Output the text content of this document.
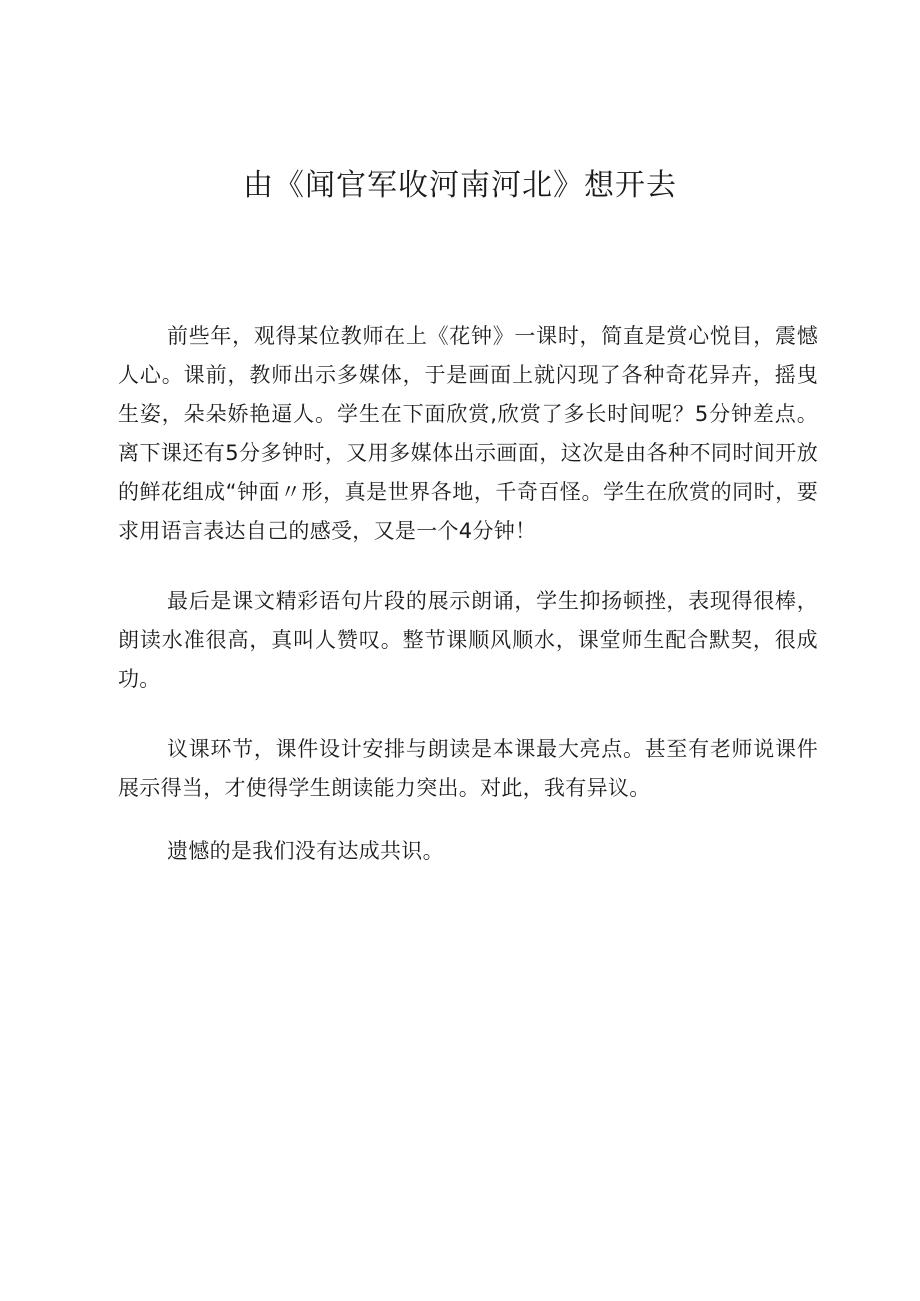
由《闻官军收河南河北》想开去

前些年，观得某位教师在上《花钟》一课时，简直是赏心悦目，震憾人心。课前，教师出示多媒体，于是画面上就闪现了各种奇花异卉，摇曳生姿，朵朵娇艳逼人。学生在下面欣赏,欣赏了多长时间呢？5分钟差点。离下课还有5分多钟时，又用多媒体出示画面，这次是由各种不同时间开放的鲜花组成“钟面〃形，真是世界各地，千奇百怪。学生在欣赏的同时，要求用语言表达自己的感受，又是一个4分钟！

最后是课文精彩语句片段的展示朗诵，学生抑扬顿挫，表现得很棒，朗读水准很高，真叫人赞叹。整节课顺风顺水，课堂师生配合默契，很成功。

议课环节，课件设计安排与朗读是本课最大亮点。甚至有老师说课件展示得当，才使得学生朗读能力突出。对此，我有异议。

遗憾的是我们没有达成共识。
